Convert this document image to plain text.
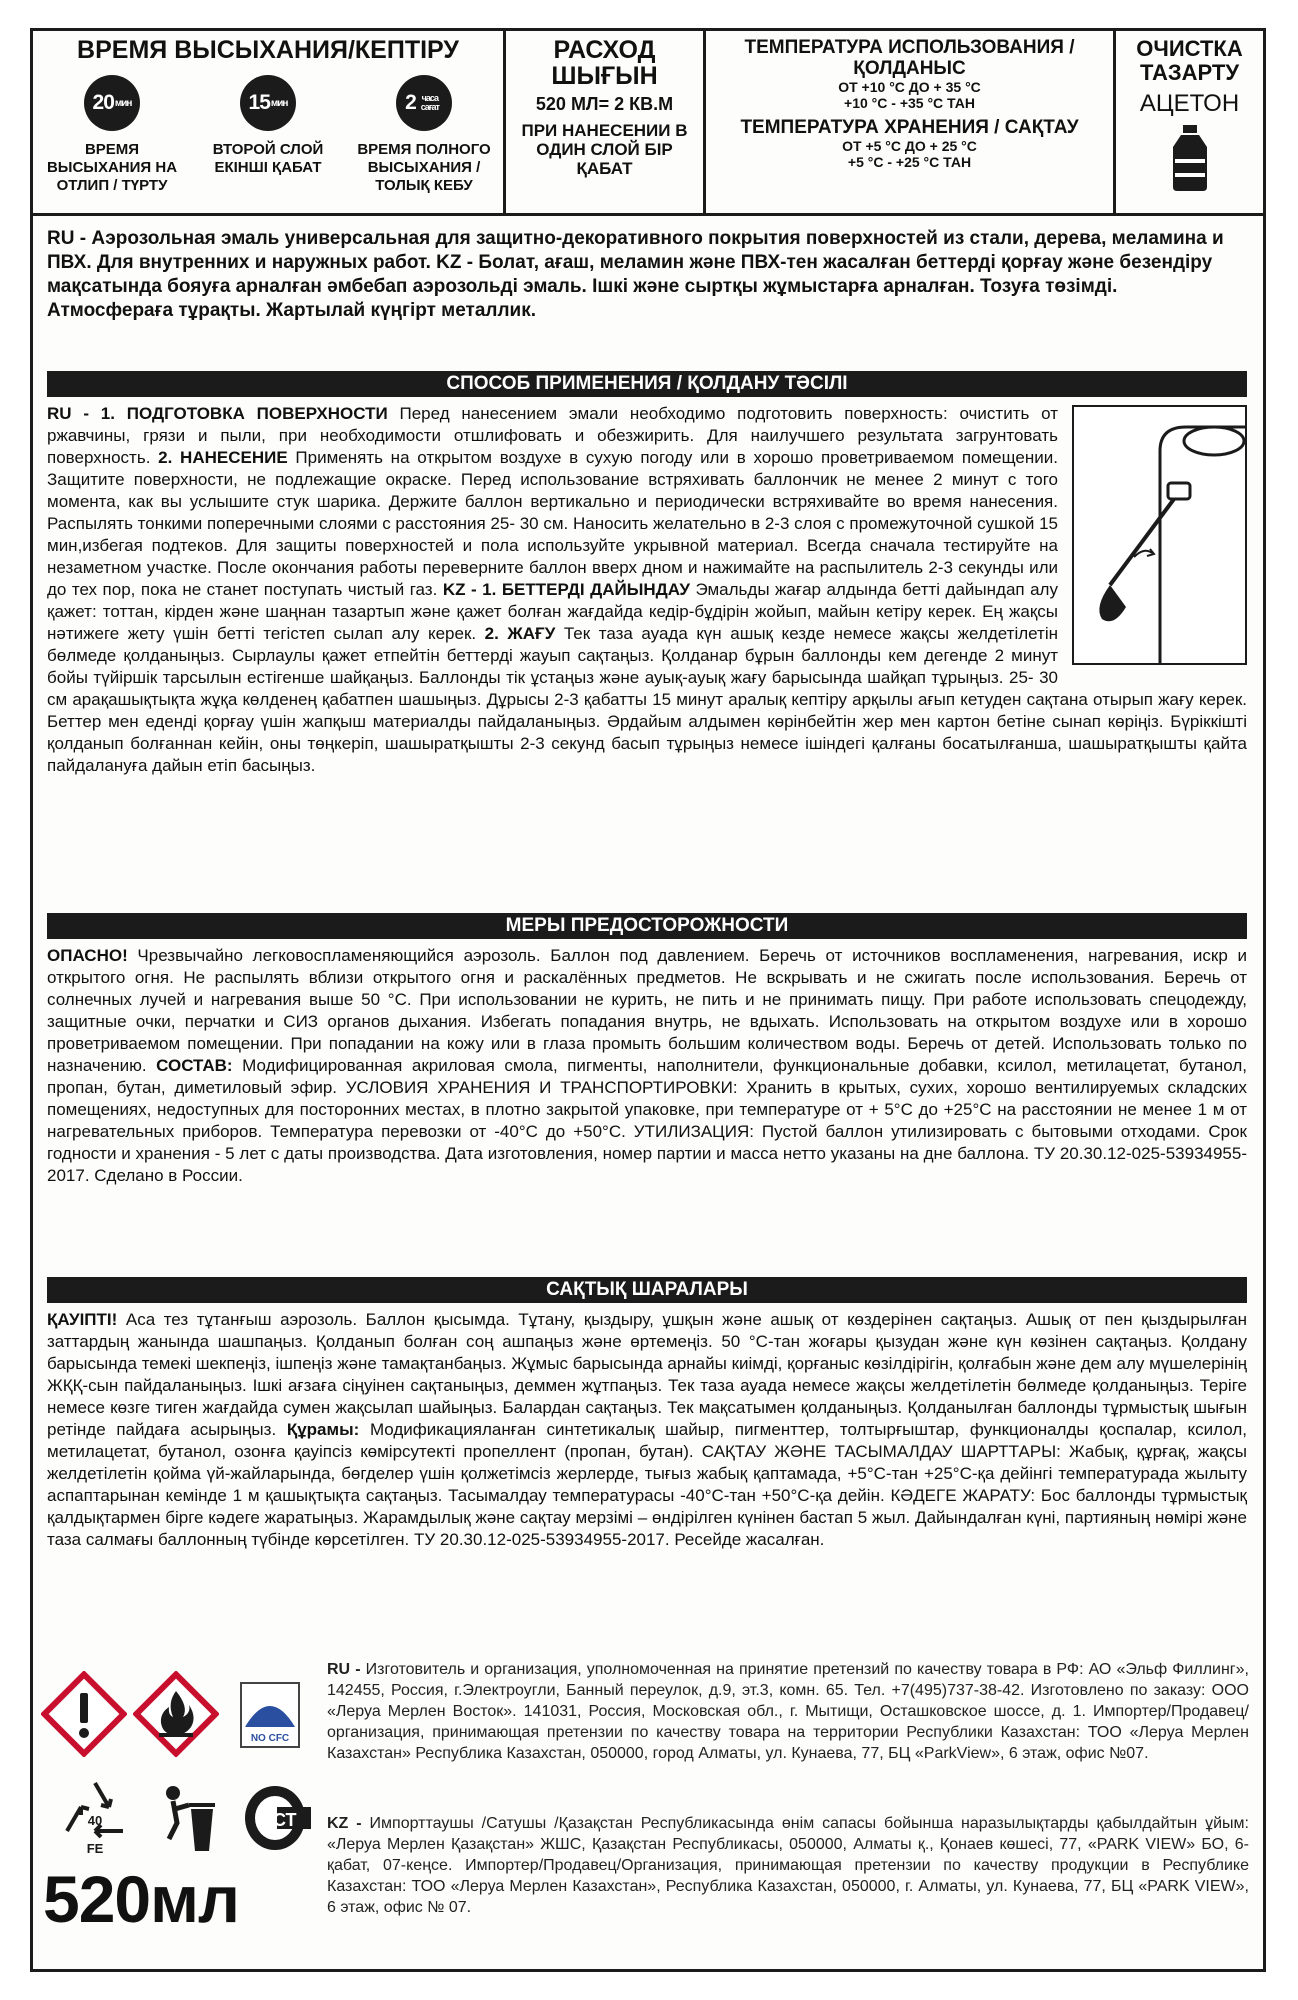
ВРЕМЯ ВЫСЫХАНИЯ/КЕПТІРУ
20 мин
ВРЕМЯ ВЫСЫХАНИЯ НА ОТЛИП / ТҮРТУ
15 мин
ВТОРОЙ СЛОЙ ЕКІНШІ ҚАБАТ
2 часа сағат
ВРЕМЯ ПОЛНОГО ВЫСЫХАНИЯ / ТОЛЫҚ КЕБУ
РАСХОД
ШЫҒЫН
520 МЛ= 2 КВ.М
ПРИ НАНЕСЕНИИ В ОДИН СЛОЙ БІР ҚАБАТ
ТЕМПЕРАТУРА ИСПОЛЬЗОВАНИЯ / ҚОЛДАНЫС
ОТ +10 °С ДО + 35 °С
+10 °С - +35 °С ТАН
ТЕМПЕРАТУРА ХРАНЕНИЯ / САҚТАУ
ОТ +5 °С ДО + 25 °С
+5 °С - +25 °С ТАН
ОЧИСТКА
ТАЗАРТУ
АЦЕТОН
RU - Аэрозольная эмаль универсальная для защитно-декоративного покрытия поверхностей из стали, дерева, меламина и ПВХ. Для внутренних и наружных работ. KZ - Болат, ағаш, меламин және ПВХ-тен жасалған беттерді қорғау және безендіру мақсатында бояуға арналған әмбебап аэрозольді эмаль. Ішкі және сыртқы жұмыстарға арналған. Тозуға төзімді. Атмосфераға тұрақты. Жартылай күңгірт металлик.
СПОСОБ ПРИМЕНЕНИЯ / ҚОЛДАНУ ТӘСІЛІ
RU - 1. ПОДГОТОВКА ПОВЕРХНОСТИ Перед нанесением эмали необходимо подготовить поверхность: очистить от ржавчины, грязи и пыли, при необходимости отшлифовать и обезжирить. Для наилучшего результата загрунтовать поверхность. 2. НАНЕСЕНИЕ Применять на открытом воздухе в сухую погоду или в хорошо проветриваемом помещении. Защитите поверхности, не подлежащие окраске. Перед использование встряхивать баллончик не менее 2 минут с того момента, как вы услышите стук шарика. Держите баллон вертикально и периодически встряхивайте во время нанесения. Распылять тонкими поперечными слоями с расстояния 25- 30 см. Наносить желательно в 2-3 слоя с промежуточной сушкой 15 мин,избегая подтеков. Для защиты поверхностей и пола используйте укрывной материал. Всегда сначала тестируйте на незаметном участке. После окончания работы переверните баллон вверх дном и нажимайте на распылитель 2-3 секунды или до тех пор, пока не станет поступать чистый газ. KZ - 1. БЕТТЕРДІ ДАЙЫНДАУ Эмальды жағар алдында бетті дайындап алу қажет: тоттан, кірден және шаңнан тазартып және қажет болған жағдайда кедір-бұдірін жойып, майын кетіру керек. Ең жақсы нәтижеге жету үшін бетті тегістеп сылап алу керек. 2. ЖАҒУ Тек таза ауада күн ашық кезде немесе жақсы желдетілетін бөлмеде қолданыңыз. Сырлаулы қажет етпейтін беттерді жауып сақтаңыз. Қолданар бұрын баллонды кем дегенде 2 минут бойы түйіршік тарсылын естігенше шайқаңыз. Баллонды тік ұстаңыз және ауық-ауық жағу барысында шайқап тұрыңыз. 25- 30 см арақашықтықта жұқа көлденең қабатпен шашыңыз. Дұрысы 2-3 қабатты 15 минут аралық кептіру арқылы ағып кетуден сақтана отырып жағу керек. Беттер мен еденді қорғау үшін жапқыш материалды пайдаланыңыз. Әрдайым алдымен көрінбейтін жер мен картон бетіне сынап көріңіз. Бүріккішті қолданып болғаннан кейін, оны төңкеріп, шашыратқышты 2-3 секунд басып тұрыңыз немесе ішіндегі қалғаны босатылғанша, шашыратқышты қайта пайдалануға дайын етіп басыңыз.
МЕРЫ ПРЕДОСТОРОЖНОСТИ
ОПАСНО! Чрезвычайно легковоспламеняющийся аэрозоль. Баллон под давлением. Беречь от источников воспламенения, нагревания, искр и открытого огня. Не распылять вблизи открытого огня и раскалённых предметов. Не вскрывать и не сжигать после использования. Беречь от солнечных лучей и нагревания выше 50 °С. При использовании не курить, не пить и не принимать пищу. При работе использовать спецодежду, защитные очки, перчатки и СИЗ органов дыхания. Избегать попадания внутрь, не вдыхать. Использовать на открытом воздухе или в хорошо проветриваемом помещении. При попадании на кожу или в глаза промыть большим количеством воды. Беречь от детей. Использовать только по назначению. СОСТАВ: Модифицированная акриловая смола, пигменты, наполнители, функциональные добавки, ксилол, метилацетат, бутанол, пропан, бутан, диметиловый эфир. УСЛОВИЯ ХРАНЕНИЯ И ТРАНСПОРТИРОВКИ: Хранить в крытых, сухих, хорошо вентилируемых складских помещениях, недоступных для посторонних местах, в плотно закрытой упаковке, при температуре от + 5°С до +25°С на расстоянии не менее 1 м от нагревательных приборов. Температура перевозки от -40°С до +50°С. УТИЛИЗАЦИЯ: Пустой баллон утилизировать с бытовыми отходами. Срок годности и хранения - 5 лет с даты производства. Дата изготовления, номер партии и масса нетто указаны на дне баллона. ТУ 20.30.12-025-53934955-2017. Сделано в России.
САҚТЫҚ ШАРАЛАРЫ
ҚАУІПТІ! Аса тез тұтанғыш аэрозоль. Баллон қысымда. Тұтану, қыздыру, ұшқын және ашық от көздерінен сақтаңыз. Ашық от пен қыздырылған заттардың жанында шашпаңыз. Қолданып болған соң ашпаңыз және өртемеңіз. 50 °С-тан жоғары қызудан және күн көзінен сақтаңыз. Қолдану барысында темекі шекпеңіз, ішпеңіз және тамақтанбаңыз. Жұмыс барысында арнайы киімді, қорғаныс көзілдірігін, қолғабын және дем алу мүшелерінің ЖҚҚ-сын пайдаланыңыз. Ішкі ағзаға сіңуінен сақтаныңыз, деммен жұтпаңыз. Тек таза ауада немесе жақсы желдетілетін бөлмеде қолданыңыз. Теріге немесе көзге тиген жағдайда сумен жақсылап шайыңыз. Балардан сақтаңыз. Тек мақсатымен қолданыңыз. Қолданылған баллонды тұрмыстық шығын ретінде пайдаға асырыңыз. Құрамы: Модификацияланған синтетикалық шайыр, пигменттер, толтырғыштар, функционалды қоспалар, ксилол, метилацетат, бутанол, озонға қауіпсіз көмірсутекті пропеллент (пропан, бутан). САҚТАУ ЖӘНЕ ТАСЫМАЛДАУ ШАРТТАРЫ: Жабық, құрғақ, жақсы желдетілетін қойма үй-жайларында, бөгделер үшін қолжетімсіз жерлерде, тығыз жабық қаптамада, +5°С-тан +25°С-қа дейінгі температурада жылыту аспаптарынан кемінде 1 м қашықтықта сақтаңыз. Тасымалдау температурасы -40°С-тан +50°С-қа дейін. КӘДЕГЕ ЖАРАТУ: Бос баллонды тұрмыстық қалдықтармен бірге кәдеге жаратыңыз. Жарамдылық және сақтау мерзімі – өндірілген күнінен бастап 5 жыл. Дайындалған күні, партияның нөмірі және таза салмағы баллонның түбінде көрсетілген. ТУ 20.30.12-025-53934955-2017. Ресейде жасалған.
NO CFC
40
FE
РСТ
520мл
RU - Изготовитель и организация, уполномоченная на принятие претензий по качеству товара в РФ: АО «Эльф Филлинг», 142455, Россия, г.Электроугли, Банный переулок, д.9, эт.3, комн. 65. Тел. +7(495)737-38-42. Изготовлено по заказу: ООО «Леруа Мерлен Восток». 141031, Россия, Московская обл., г. Мытищи, Осташковское шоссе, д. 1. Импортер/Продавец/организация, принимающая претензии по качеству товара на территории Республики Казахстан: ТОО «Леруа Мерлен Казахстан» Республика Казахстан, 050000, город Алматы, ул. Кунаева, 77, БЦ «ParkView», 6 этаж, офис №07.
KZ - Импорттаушы /Сатушы /Қазақстан Республикасында өнім сапасы бойынша наразылықтарды қабылдайтын ұйым: «Леруа Мерлен Қазақстан» ЖШС, Қазақстан Республикасы, 050000, Алматы қ., Қонаев көшесі, 77, «PARK VIEW» БО, 6-қабат, 07-кеңсе. Импортер/Продавец/Организация, принимающая претензии по качеству продукции в Республике Казахстан: ТОО «Леруа Мерлен Казахстан», Республика Казахстан, 050000, г. Алматы, ул. Кунаева, 77, БЦ «PARK VIEW», 6 этаж, офис № 07.
